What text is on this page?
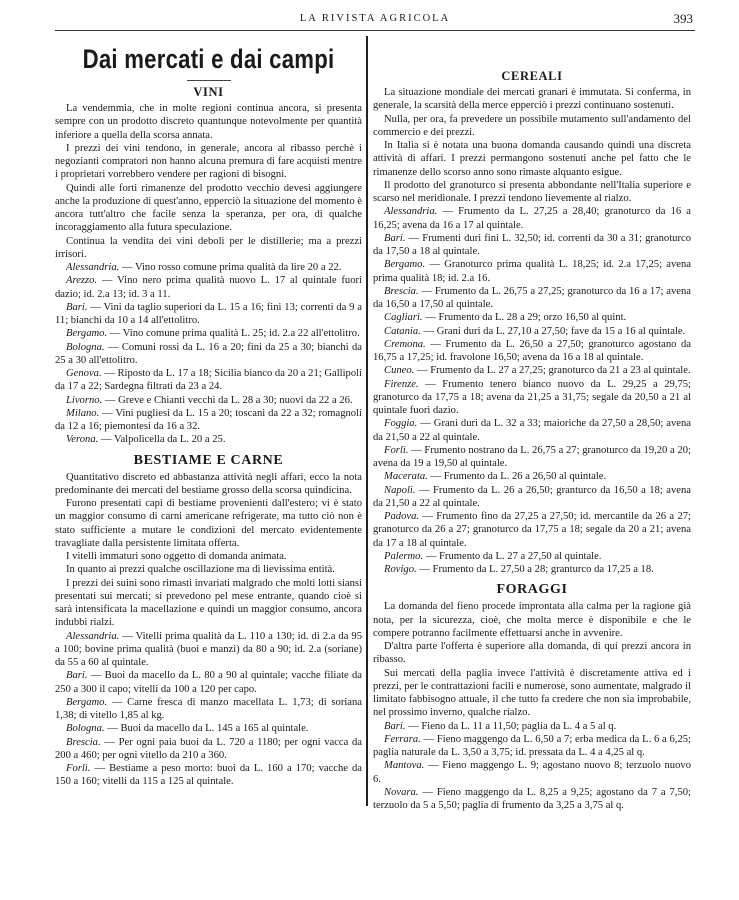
LA RIVISTA AGRICOLA	393
Dai mercati e dai campi
VINI

La vendemmia, che in molte regioni continua ancora, si presenta sempre con un prodotto discreto quantunque notevolmente per quantità inferiore a quella della scorsa annata.

I prezzi dei vini tendono, in generale, ancora al ribasso perchè i negozianti compratori non hanno alcuna premura di fare acquisti mentre i proprietari vorrebbero vendere per ragioni di bisogni.

Quindi alle forti rimanenze del prodotto vecchio devesi aggiungere anche la produzione di quest'anno, epperciò la situazione del momento è ancora tutt'altro che facile senza la speranza, per ora, di qualche incoraggiamento alla futura speculazione.

Continua la vendita dei vini deboli per le distillerie; ma a prezzi irrisori.

Alessandria. — Vino rosso comune prima qualità da lire 20 a 22.

Arezzo. — Vino nero prima qualità nuovo L. 17 al quintale fuori dazio; id. 2.a 13; id. 3 a 11.

Bari. — Vini da taglio superiori da L. 15 a 16; fini 13; correnti da 9 a 11; bianchi da 10 a 14 all'ettolitro.

Bergamo. — Vino comune prima qualità L. 25; id. 2.a 22 all'ettolitro.

Bologna. — Comuni rossi da L. 16 a 20; fini da 25 a 30; bianchi da 25 a 30 all'ettolitro.

Genova. — Riposto da L. 17 a 18; Sicilia bianco da 20 a 21; Gallipoli da 17 a 22; Sardegna filtrati da 23 a 24.

Livorno. — Greve e Chianti vecchi da L. 28 a 30; nuovi da 22 a 26.

Milano. — Vini pugliesi da L. 15 a 20; toscani da 22 a 32; romagnoli da 12 a 16; piemontesi da 16 a 32.

Verona. — Valpolicella da L. 20 a 25.

BESTIAME E CARNE

Quantitativo discreto ed abbastanza attività negli affari, ecco la nota predominante dei mercati del bestiame grosso della scorsa quindicina.

Furono presentati capi di bestiame provenienti dall'estero; vi è stato un maggior consumo di carni americane refrigerate, ma tutto ciò non è stato sufficiente a mutare le condizioni del mercato evidentemente travagliate dalla persistente limitata offerta.

I vitelli immaturi sono oggetto di domanda animata.

In quanto ai prezzi qualche oscillazione ma di lievissima entità.

I prezzi dei suini sono rimasti invariati malgrado che molti lotti siansi presentati sui mercati; si prevedono pel mese entrante, quando cioè si sarà intensificata la macellazione e quindi un maggior consumo, ancora indubbi rialzi.

Alessandria. — Vitelli prima qualità da L. 110 a 130; id. di 2.a da 95 a 100; bovine prima qualità (buoi e manzi) da 80 a 90; id. 2.a (soriane) da 55 a 60 al quintale.

Bari. — Buoi da macello da L. 80 a 90 al quintale; vacche filiate da 250 a 300 il capo; vitelli da 100 a 120 per capo.

Bergamo. — Carne fresca di manzo macellata L. 1,73; di soriana 1,38; di vitello 1,85 al kg.

Bologna. — Buoi da macello da L. 145 a 165 al quintale.

Brescia. — Per ogni paia buoi da L. 720 a 1180; per ogni vacca da 200 a 460; per ogni vitello da 210 a 360.

Forlì. — Bestiame a peso morto: buoi da L. 160 a 170; vacche da 150 a 160; vitelli da 115 a 125 al quintale.

CEREALI

La situazione mondiale dei mercati granari è immutata. Si conferma, in generale, la scarsità della merce epperciò i prezzi continuano sostenuti.

Nulla, per ora, fa prevedere un possibile mutamento sull'andamento del commercio e dei prezzi.

In Italia si è notata una buona domanda causando quindi una discreta attività di affari. I prezzi permangono sostenuti anche pel fatto che le rimanenze dello scorso anno sono rimaste alquanto esigue.

Il prodotto del granoturco si presenta abbondante nell'Italia superiore e scarso nel meridionale. I prezzi tendono lievemente al rialzo.

Alessandria. — Frumento da L. 27,25 a 28,40; granoturco da 16 a 16,25; avena da 16 a 17 al quintale.

Bari. — Frumenti duri fini L. 32,50; id. correnti da 30 a 31; granoturco da 17,50 a 18 al quintale.

Bergamo. — Granoturco prima qualità L. 18,25; id. 2.a 17,25; avena prima qualità 18; id. 2.a 16.

Brescia. — Frumento da L. 26,75 a 27,25; granoturco da 16 a 17; avena da 16,50 a 17,50 al quintale.

Cagliari. — Frumento da L. 28 a 29; orzo 16,50 al quint.

Catania. — Grani duri da L. 27,10 a 27,50; fave da 15 a 16 al quintale.

Cremona. — Frumento da L. 26,50 a 27,50; granoturco agostano da 16,75 a 17,25; id. fravolone 16,50; avena da 16 a 18 al quintale.

Cuneo. — Frumento da L. 27 a 27,25; granoturco da 21 a 23 al quintale.

Firenze. — Frumento tenero bianco nuovo da L. 29,25 a 29,75; granoturco da 17,75 a 18; avena da 21,25 a 31,75; segale da 20,50 a 21 al quintale fuori dazio.

Foggia. — Grani duri da L. 32 a 33; maioriche da 27,50 a 28,50; avena da 21,50 a 22 al quintale.

Forlì. — Frumento nostrano da L. 26,75 a 27; granoturco da 19,20 a 20; avena da 19 a 19,50 al quintale.

Macerata. — Frumento da L. 26 a 26,50 al quintale.

Napoli. — Frumento da L. 26 a 26,50; granturco da 16,50 a 18; avena da 21,50 a 22 al quintale.

Padova. — Frumento fino da 27,25 a 27,50; id. mercantile da 26 a 27; granoturco da 26 a 27; granoturco da 17,75 a 18; segale da 20 a 21; avena da 17 a 18 al quintale.

Palermo. — Frumento da L. 27 a 27,50 al quintale.

Rovigo. — Frumento da L. 27,50 a 28; granturco da 17,25 a 18.

FORAGGI

La domanda del fieno procede improntata alla calma per la ragione già nota, per la sicurezza, cioè, che molta merce è disponibile e che le compere potranno facilmente effettuarsi anche in avvenire.

D'altra parte l'offerta è superiore alla domanda, di qui prezzi ancora in ribasso.

Sui mercati della paglia invece l'attività è discretamente attiva ed i prezzi, per le contrattazioni facili e numerose, sono aumentate, malgrado il limitato fabbisogno attuale, il che tutto fa credere che non sia improbabile, nel prossimo inverno, qualche rialzo.

Bari. — Fieno da L. 11 a 11,50; paglia da L. 4 a 5 al q.

Ferrara. — Fieno maggengo da L. 6,50 a 7; erba medica da L. 6 a 6,25; paglia naturale da L. 3,50 a 3,75; id. pressata da L. 4 a 4,25 al q.

Mantova. — Fieno maggengo L. 9; agostano nuovo 8; terzuolo nuovo 6.

Novara. — Fieno maggengo da L. 8,25 a 9,25; agostano da 7 a 7,50; terzuolo da 5 a 5,50; paglia di frumento da 3,25 a 3,75 al q.
